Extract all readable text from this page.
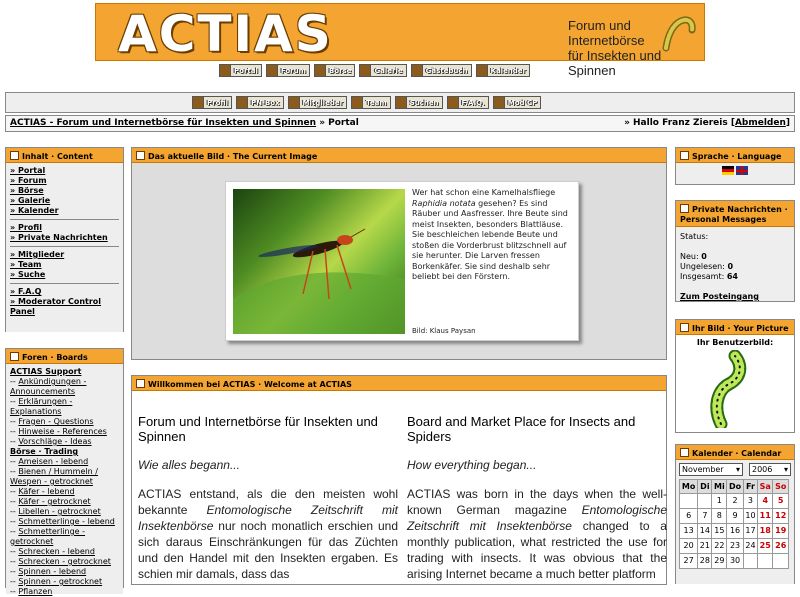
ACTIAS	Forum und Internetbörse
für Insekten und Spinnen
Portal	Forum	Börse	Galerie	Gästebuch	Kalender
Profil	PN-Box	Mitglieder	Team	Suchen	F.A.Q.	Mod CP
ACTIAS - Forum und Internetbörse für Insekten und Spinnen » Portal	» Hallo Franz Ziereis [Abmelden]
Inhalt · Content
» Portal
» Forum
» Börse
» Galerie
» Kalender
» Profil
» Private Nachrichten
» Mitglieder
» Team
» Suche
» F.A.Q
» Moderator Control Panel
Foren · Boards
ACTIAS Support
-- Ankündigungen - Announcements
-- Erklärungen - Explanations
-- Fragen - Questions
-- Hinweise - References
-- Vorschläge - Ideas
Börse · Trading
-- Ameisen - lebend
-- Bienen / Hummeln / Wespen - getrocknet
-- Käfer - lebend
-- Käfer - getrocknet
-- Libellen - getrocknet
-- Schmetterlinge - lebend
-- Schmetterlinge - getrocknet
-- Schrecken - lebend
-- Schrecken - getrocknet
-- Spinnen - lebend
-- Spinnen - getrocknet
-- Pflanzen
Das aktuelle Bild · The Current Image
Wer hat schon eine Kamelhalsfliege Raphidia notata gesehen? Es sind Räuber und Aasfresser. Ihre Beute sind meist Insekten, besonders Blattläuse. Sie beschleichen lebende Beute und stoßen die Vorderbrust blitzschnell auf sie herunter. Die Larven fressen Borkenkäfer. Sie sind deshalb sehr beliebt bei den Förstern.
Bild: Klaus Paysan
Willkommen bei ACTIAS · Welcome at ACTIAS
Forum und Internetbörse für Insekten und Spinnen
Wie alles begann...

ACTIAS entstand, als die den meisten wohl bekannte Entomologische Zeitschrift mit Insektenbörse nur noch monatlich erschien und sich daraus Einschränkungen für das Züchten und den Handel mit den Insekten ergaben. Es schien mir damals, dass das

Board and Market Place for Insects and Spiders
How everything began...

ACTIAS was born in the days when the well-known German magazine Entomologische Zeitschrift mit Insektenbörse changed to a monthly publication, what restricted the use for trading with insects. It was obvious that the arising Internet became a much better platform

Sprache · Language

Private Nachrichten · Personal Messages
Status:
Neu: 0
Ungelesen: 0
Insgesamt: 64
Zum Posteingang
Ihr Bild · Your Picture
Ihr Benutzerbild:
Kalender · Calendar
November ▾	2006 ▾
Mo	Di	Mi	Do	Fr	Sa	So
		1	2	3	4	5
6	7	8	9	10	11	12
13	14	15	16	17	18	19
20	21	22	23	24	25	26
27	28	29	30			
